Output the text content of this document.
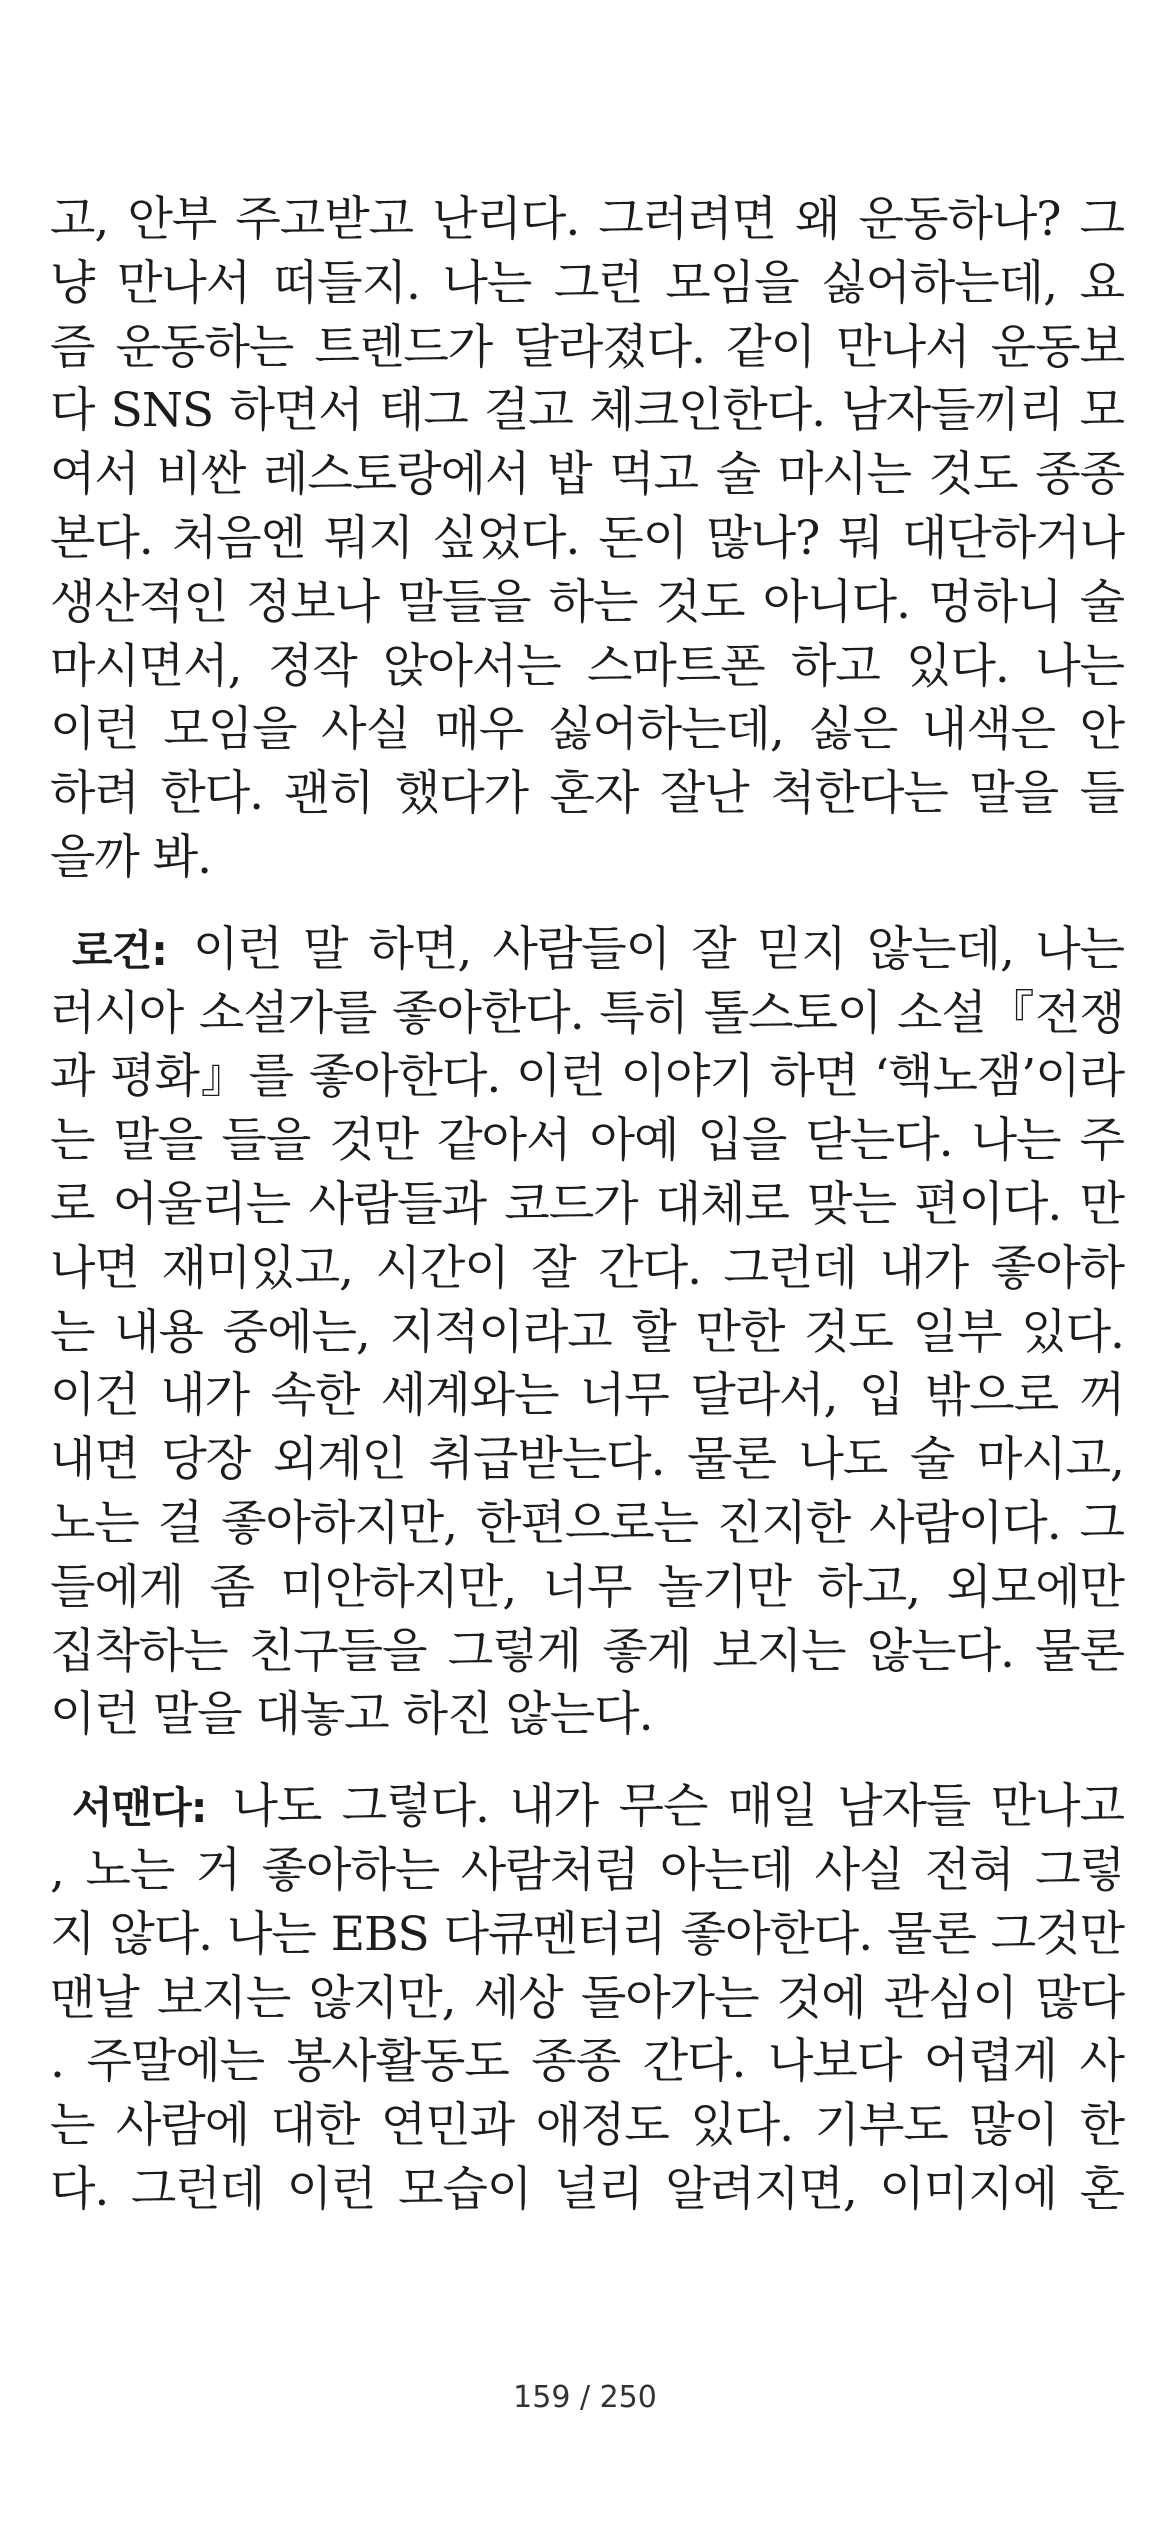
고, 안부 주고받고 난리다. 그러려면 왜 운동하나? 그
냥 만나서 떠들지. 나는 그런 모임을 싫어하는데, 요
즘 운동하는 트렌드가 달라졌다. 같이 만나서 운동보
다 SNS 하면서 태그 걸고 체크인한다. 남자들끼리 모
여서 비싼 레스토랑에서 밥 먹고 술 마시는 것도 종종
본다. 처음엔 뭐지 싶었다. 돈이 많나? 뭐 대단하거나
생산적인 정보나 말들을 하는 것도 아니다. 멍하니 술
마시면서, 정작 앉아서는 스마트폰 하고 있다. 나는
이런 모임을 사실 매우 싫어하는데, 싫은 내색은 안
하려 한다. 괜히 했다가 혼자 잘난 척한다는 말을 들
을까 봐.
로건: 이런 말 하면, 사람들이 잘 믿지 않는데, 나는
러시아 소설가를 좋아한다. 특히 톨스토이 소설『전쟁
과 평화』를 좋아한다. 이런 이야기 하면 ‘핵노잼’이라
는 말을 들을 것만 같아서 아예 입을 닫는다. 나는 주
로 어울리는 사람들과 코드가 대체로 맞는 편이다. 만
나면 재미있고, 시간이 잘 간다. 그런데 내가 좋아하
는 내용 중에는, 지적이라고 할 만한 것도 일부 있다.
이건 내가 속한 세계와는 너무 달라서, 입 밖으로 꺼
내면 당장 외계인 취급받는다. 물론 나도 술 마시고,
노는 걸 좋아하지만, 한편으로는 진지한 사람이다. 그
들에게 좀 미안하지만, 너무 놀기만 하고, 외모에만
집착하는 친구들을 그렇게 좋게 보지는 않는다. 물론
이런 말을 대놓고 하진 않는다.
서맨다: 나도 그렇다. 내가 무슨 매일 남자들 만나고
, 노는 거 좋아하는 사람처럼 아는데 사실 전혀 그렇
지 않다. 나는 EBS 다큐멘터리 좋아한다. 물론 그것만
맨날 보지는 않지만, 세상 돌아가는 것에 관심이 많다
. 주말에는 봉사활동도 종종 간다. 나보다 어렵게 사
는 사람에 대한 연민과 애정도 있다. 기부도 많이 한
다. 그런데 이런 모습이 널리 알려지면, 이미지에 혼
159 / 250
